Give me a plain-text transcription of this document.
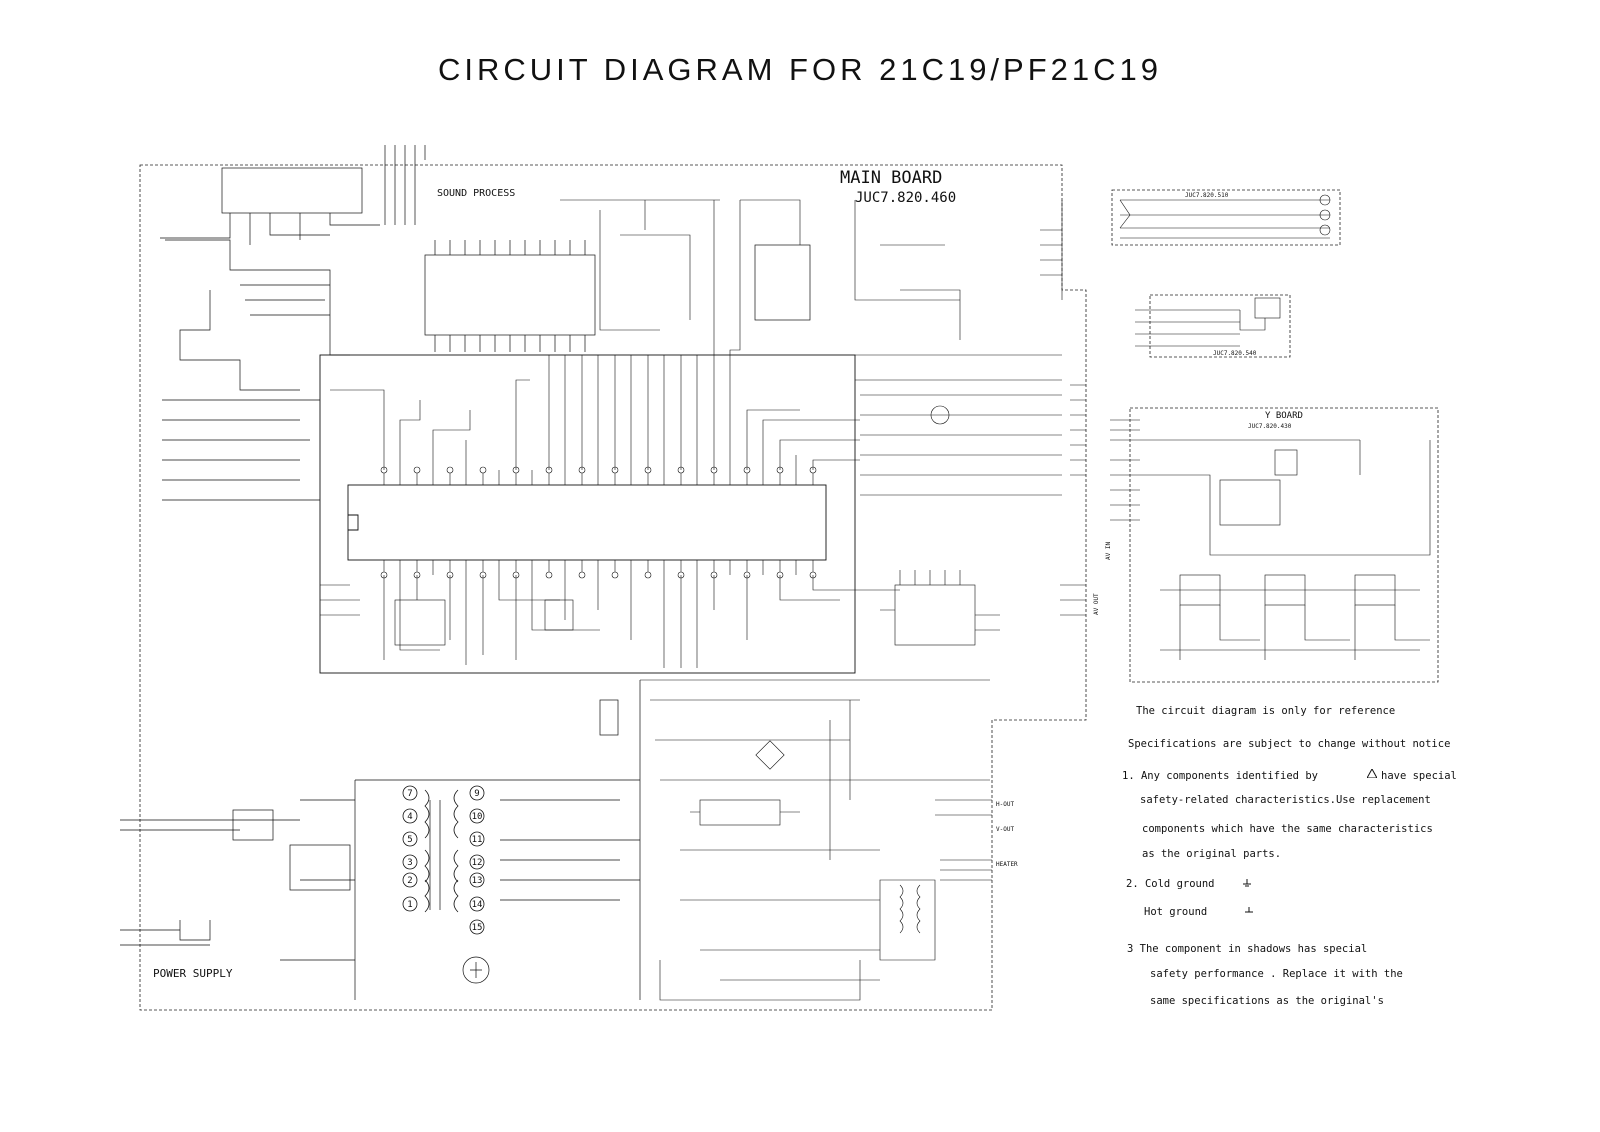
CIRCUIT DIAGRAM FOR 21C19/PF21C19
7	9
4	10
5	11
3	12
2	13
1	14
15
SOUND PROCESS
MAIN BOARD
JUC7.820.460
POWER SUPPLY
Y BOARD
JUC7.820.430
JUC7.820.510
JUC7.820.540
H-OUT
V-OUT
HEATER
AV OUT
AV IN
The circuit diagram is only for reference
Specifications are subject to change without notice
1. Any components identified by	have special
safety-related characteristics.Use replacement
components which have the same characteristics
as the original parts.
2. Cold ground
Hot ground
3 The component in shadows has special
safety performance . Replace it with the
same specifications as the original's
